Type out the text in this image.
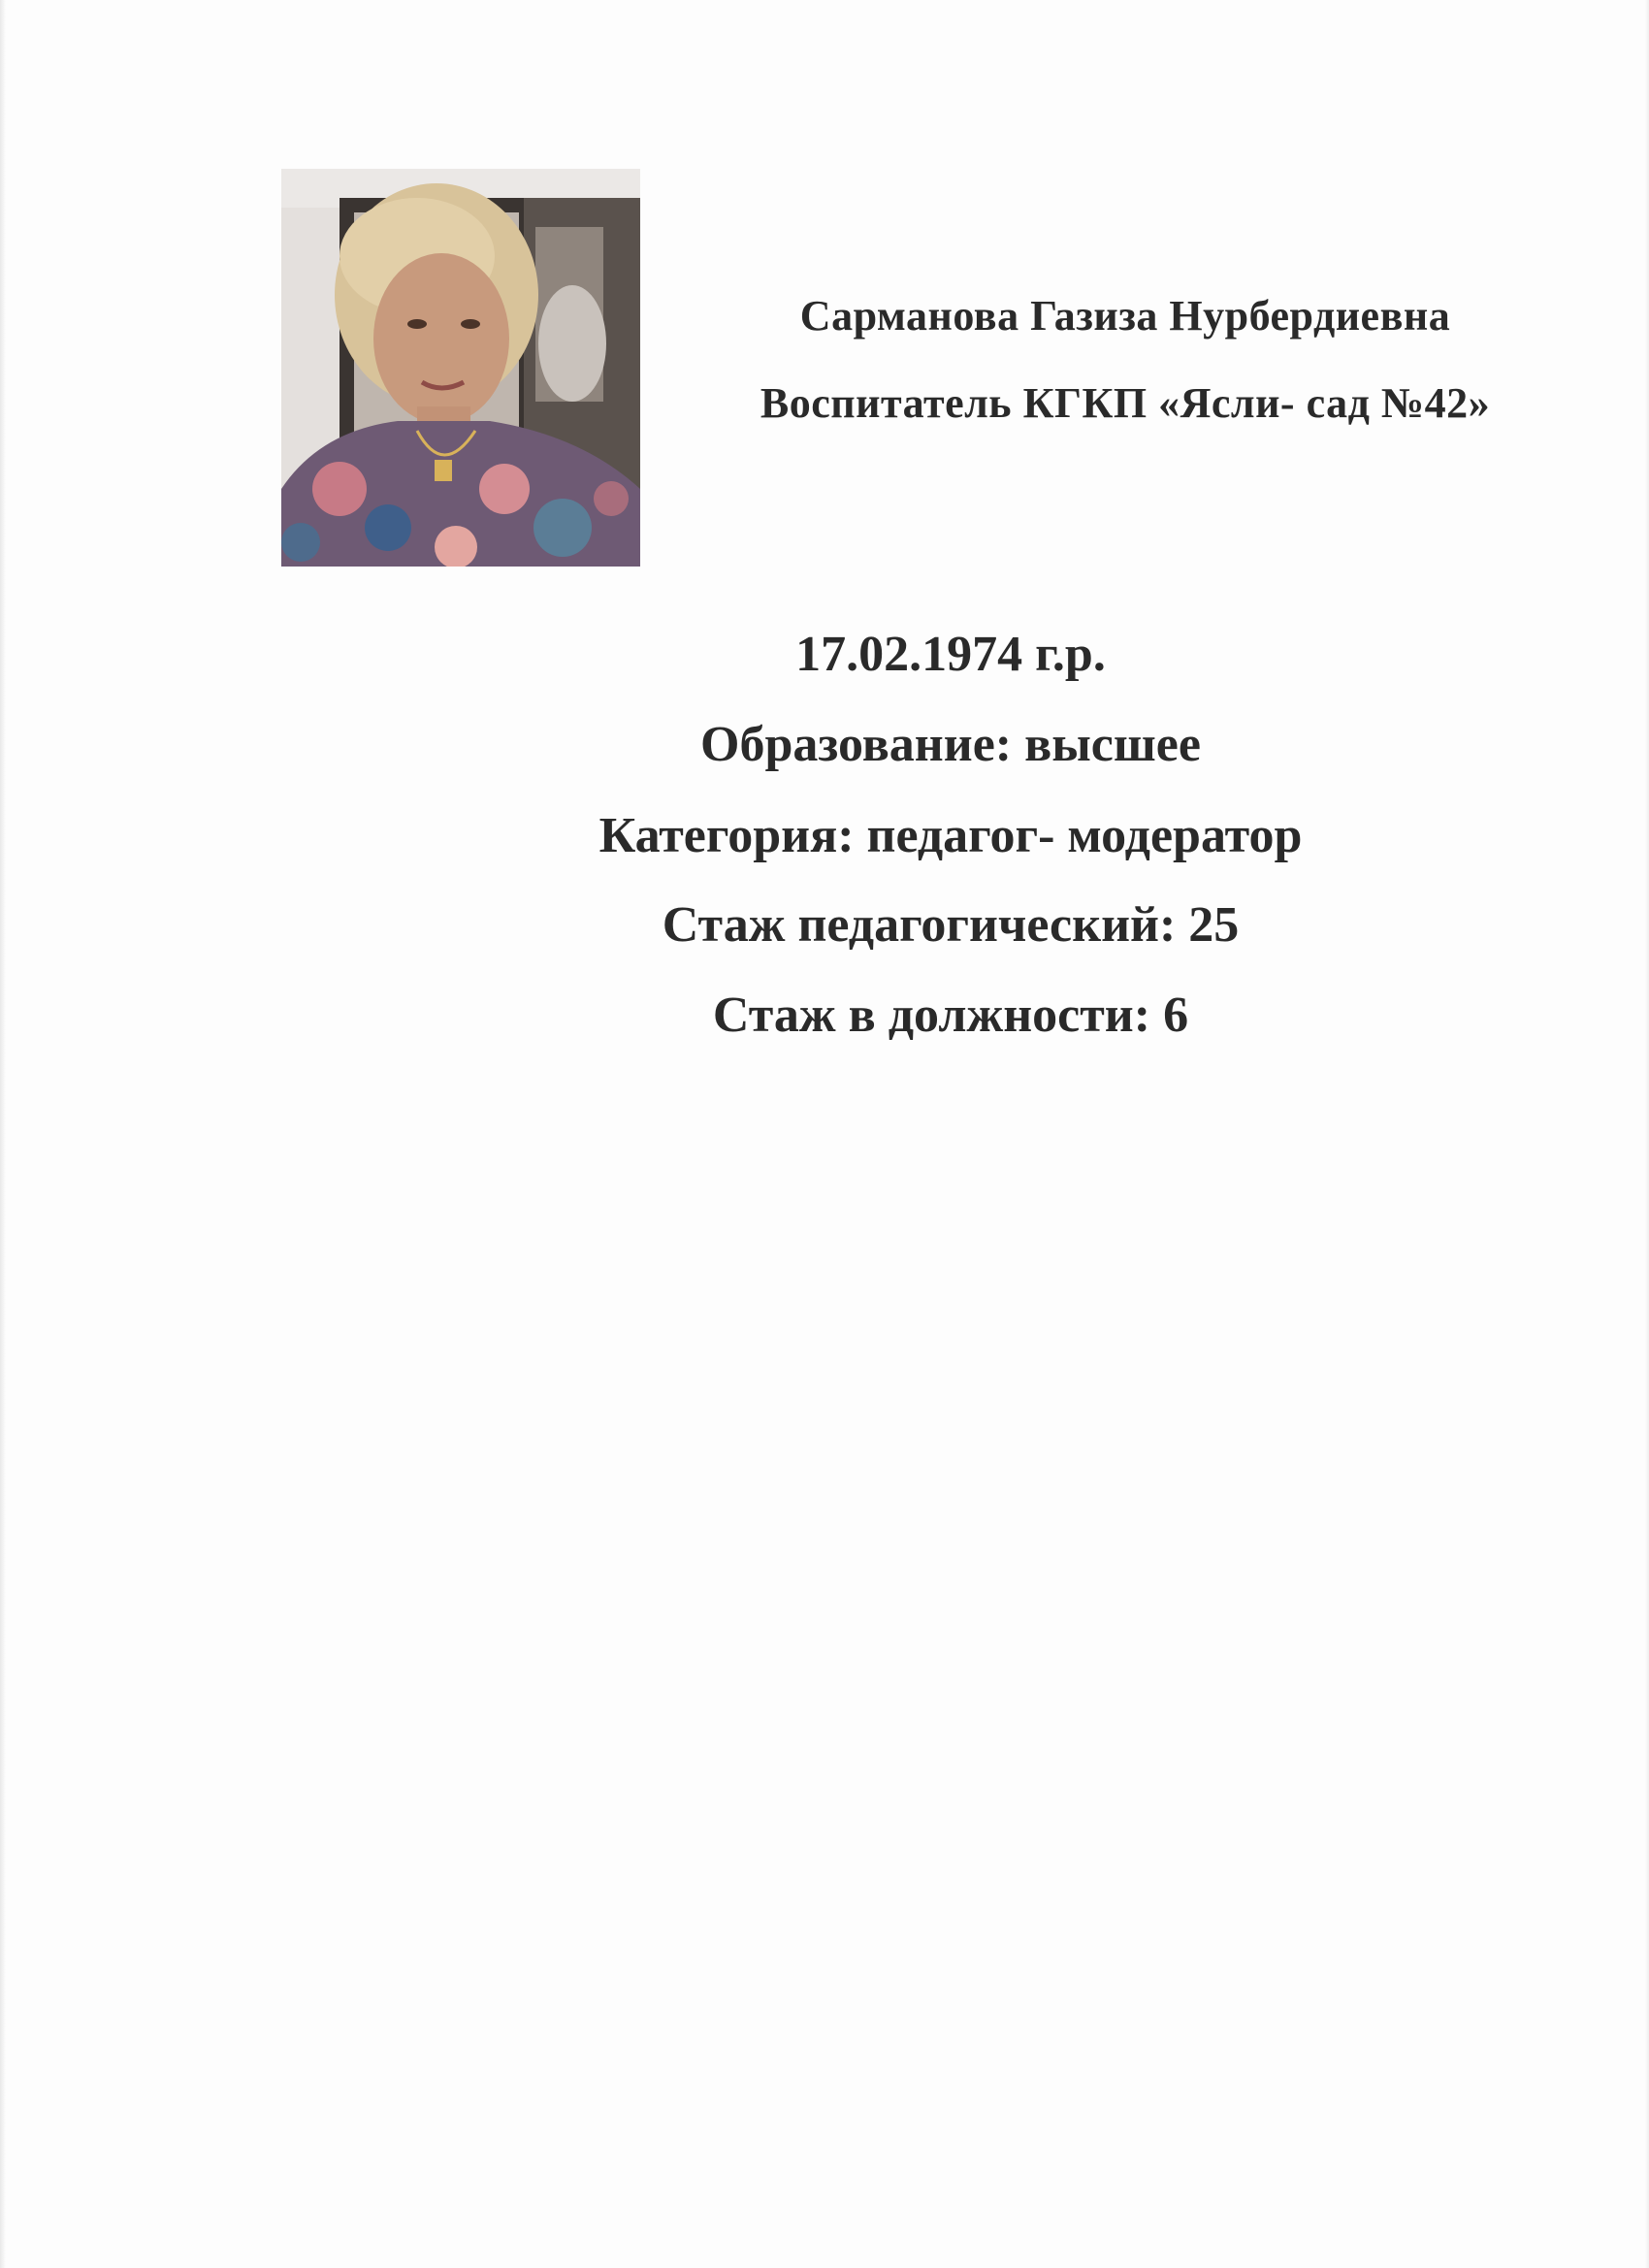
Сарманова Газиза Нурбердиевна
Воспитатель КГКП «Ясли- сад №42»
17.02.1974 г.р.
Образование: высшее
Категория: педагог- модератор
Стаж педагогический: 25
Стаж в должности: 6
